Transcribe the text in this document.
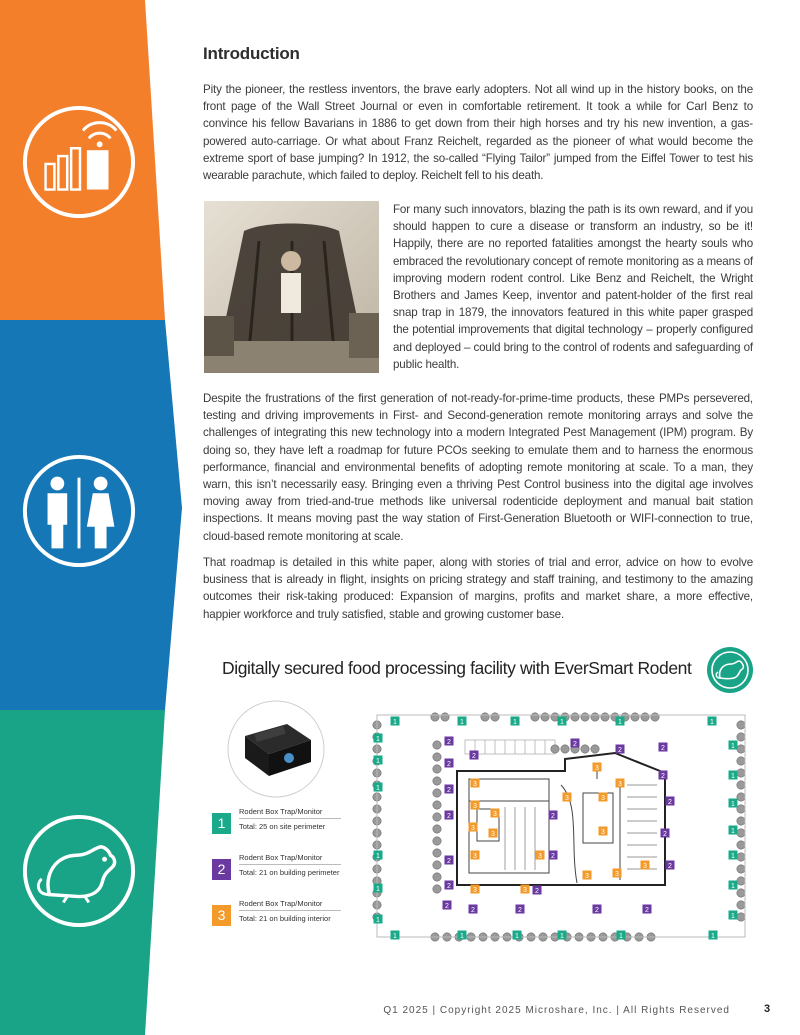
Introduction

Pity the pioneer, the restless inventors, the brave early adopters. Not all wind up in the history books, on the front page of the Wall Street Journal or even in comfortable retirement. It took a while for Carl Benz to convince his fellow Bavarians in 1886 to get down from their high horses and try his new invention, a gas-powered auto-carriage. Or what about Franz Reichelt, regarded as the pioneer of what would become the extreme sport of base jumping? In 1912, the so-called “Flying Tailor” jumped from the Eiffel Tower to test his wearable parachute, which failed to deploy. Reichelt fell to his death.

For many such innovators, blazing the path is its own reward, and if you should happen to cure a disease or transform an industry, so be it! Happily, there are no reported fatalities amongst the hearty souls who embraced the revolutionary concept of remote monitoring as a means of improving modern rodent control. Like Benz and Reichelt, the Wright Brothers and James Keep, inventor and patent-holder of the first real snap trap in 1879, the innovators featured in this white paper grasped the potential improvements that digital technology – properly configured and deployed – could bring to the control of rodents and safeguarding of public health.

Despite the frustrations of the first generation of not-ready-for-prime-time products, these PMPs persevered, testing and driving improvements in First- and Second-generation remote monitoring arrays and solve the challenges of integrating this new technology into a modern Integrated Pest Management (IPM) program. By doing so, they have left a roadmap for future PCOs seeking to emulate them and to harness the enormous performance, financial and environmental benefits of adopting remote monitoring at scale. To a man, they warn, this isn’t necessarily easy. Bringing even a thriving Pest Control business into the digital age involves moving away from tried-and-true methods like universal rodenticide deployment and manual bait station inspections. It means moving past the way station of First-Generation Bluetooth or WIFI-connection to true, cloud-based remote monitoring at scale.

That roadmap is detailed in this white paper, along with stories of trial and error, advice on how to evolve business that is already in flight, insights on pricing strategy and staff training, and testimony to the amazing outcomes their risk-taking produced: Expansion of margins, profits and market share, a more effective, happier workforce and truly satisfied, stable and growing customer base.

Digitally secured food processing facility with EverSmart Rodent
1
Rodent Box Trap/Monitor
Total: 25 on site perimeter
2
Rodent Box Trap/Monitor
Total: 21 on building perimeter
3
Rodent Box Trap/Monitor
Total: 21 on building interior
1	1	1	1	1	1
1
1
1
1
1
1
1	1	1	1	1	1
1
1
1
1
1
1
1
2
2
2
2
2
2
2
2	2
2
2
2	2
2
2
2
2
2
2
2
2
2
3
3
3
3
3
3
3	3
3
3
3
3
3
3
3	3
3
Q1 2025 | Copyright 2025 Microshare, Inc. | All Rights Reserved	3
